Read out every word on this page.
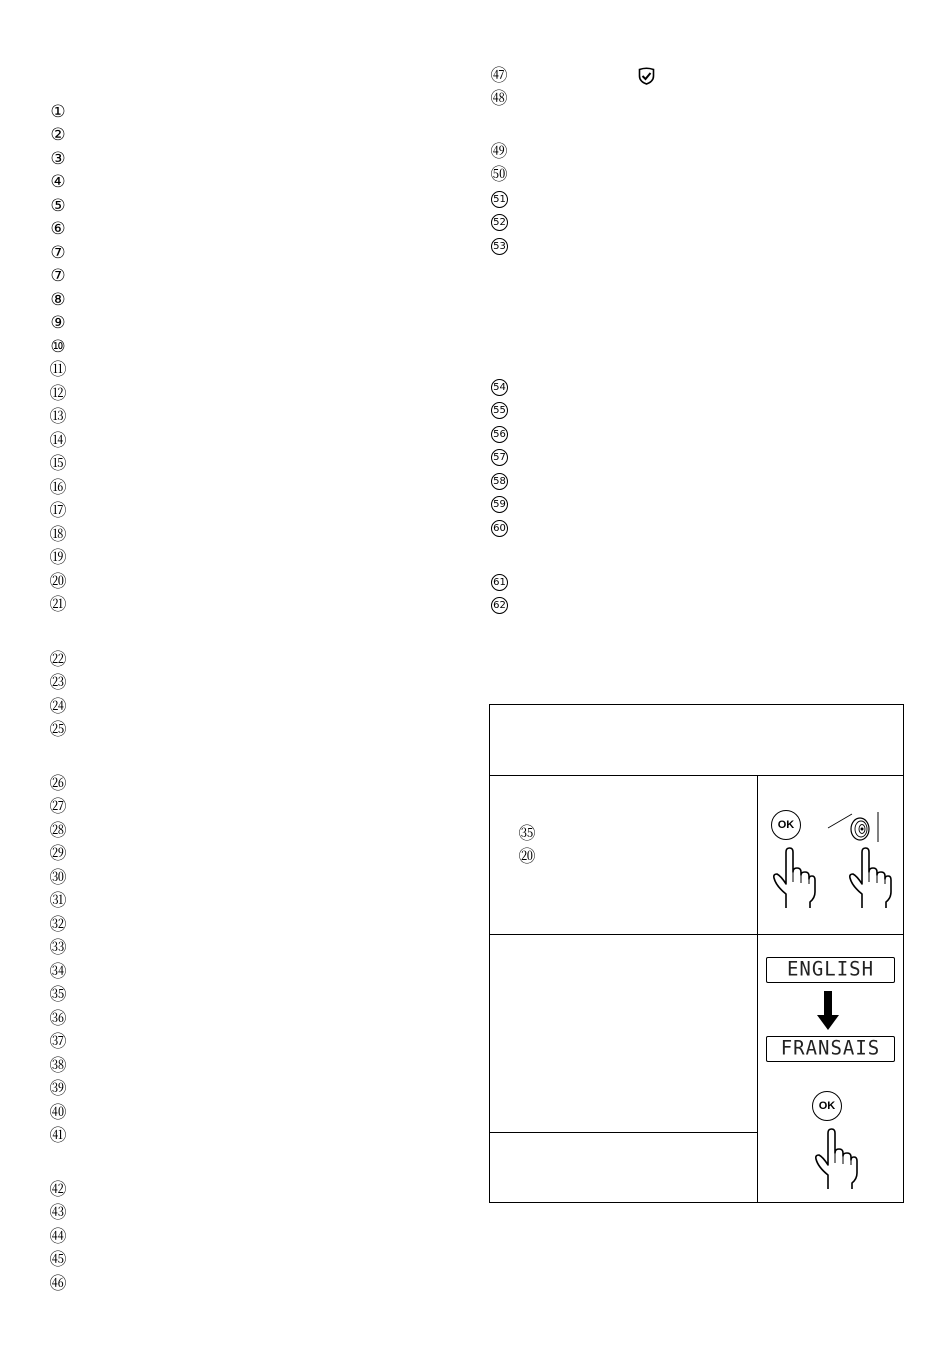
①
②
③
④
⑤
⑥
⑦
⑦
⑧
⑨
⑩
⑪
⑫
⑬
⑭
⑮
⑯
⑰
⑱
⑲
⑳
㉑
㉒
㉓
㉔
㉕
㉖
㉗
㉘
㉙
㉚
㉛
㉜
㉝
㉞
㉟
㊱
㊲
㊳
㊴
㊵
㊶
㊷
㊸
㊹
㊺
㊻
㊼
㊽
㊾
㊿
51
52
53
54
55
56
57
58
59
60
61
62
㉟
⑳
OK
ENGLISH
FRANSAIS
OK
